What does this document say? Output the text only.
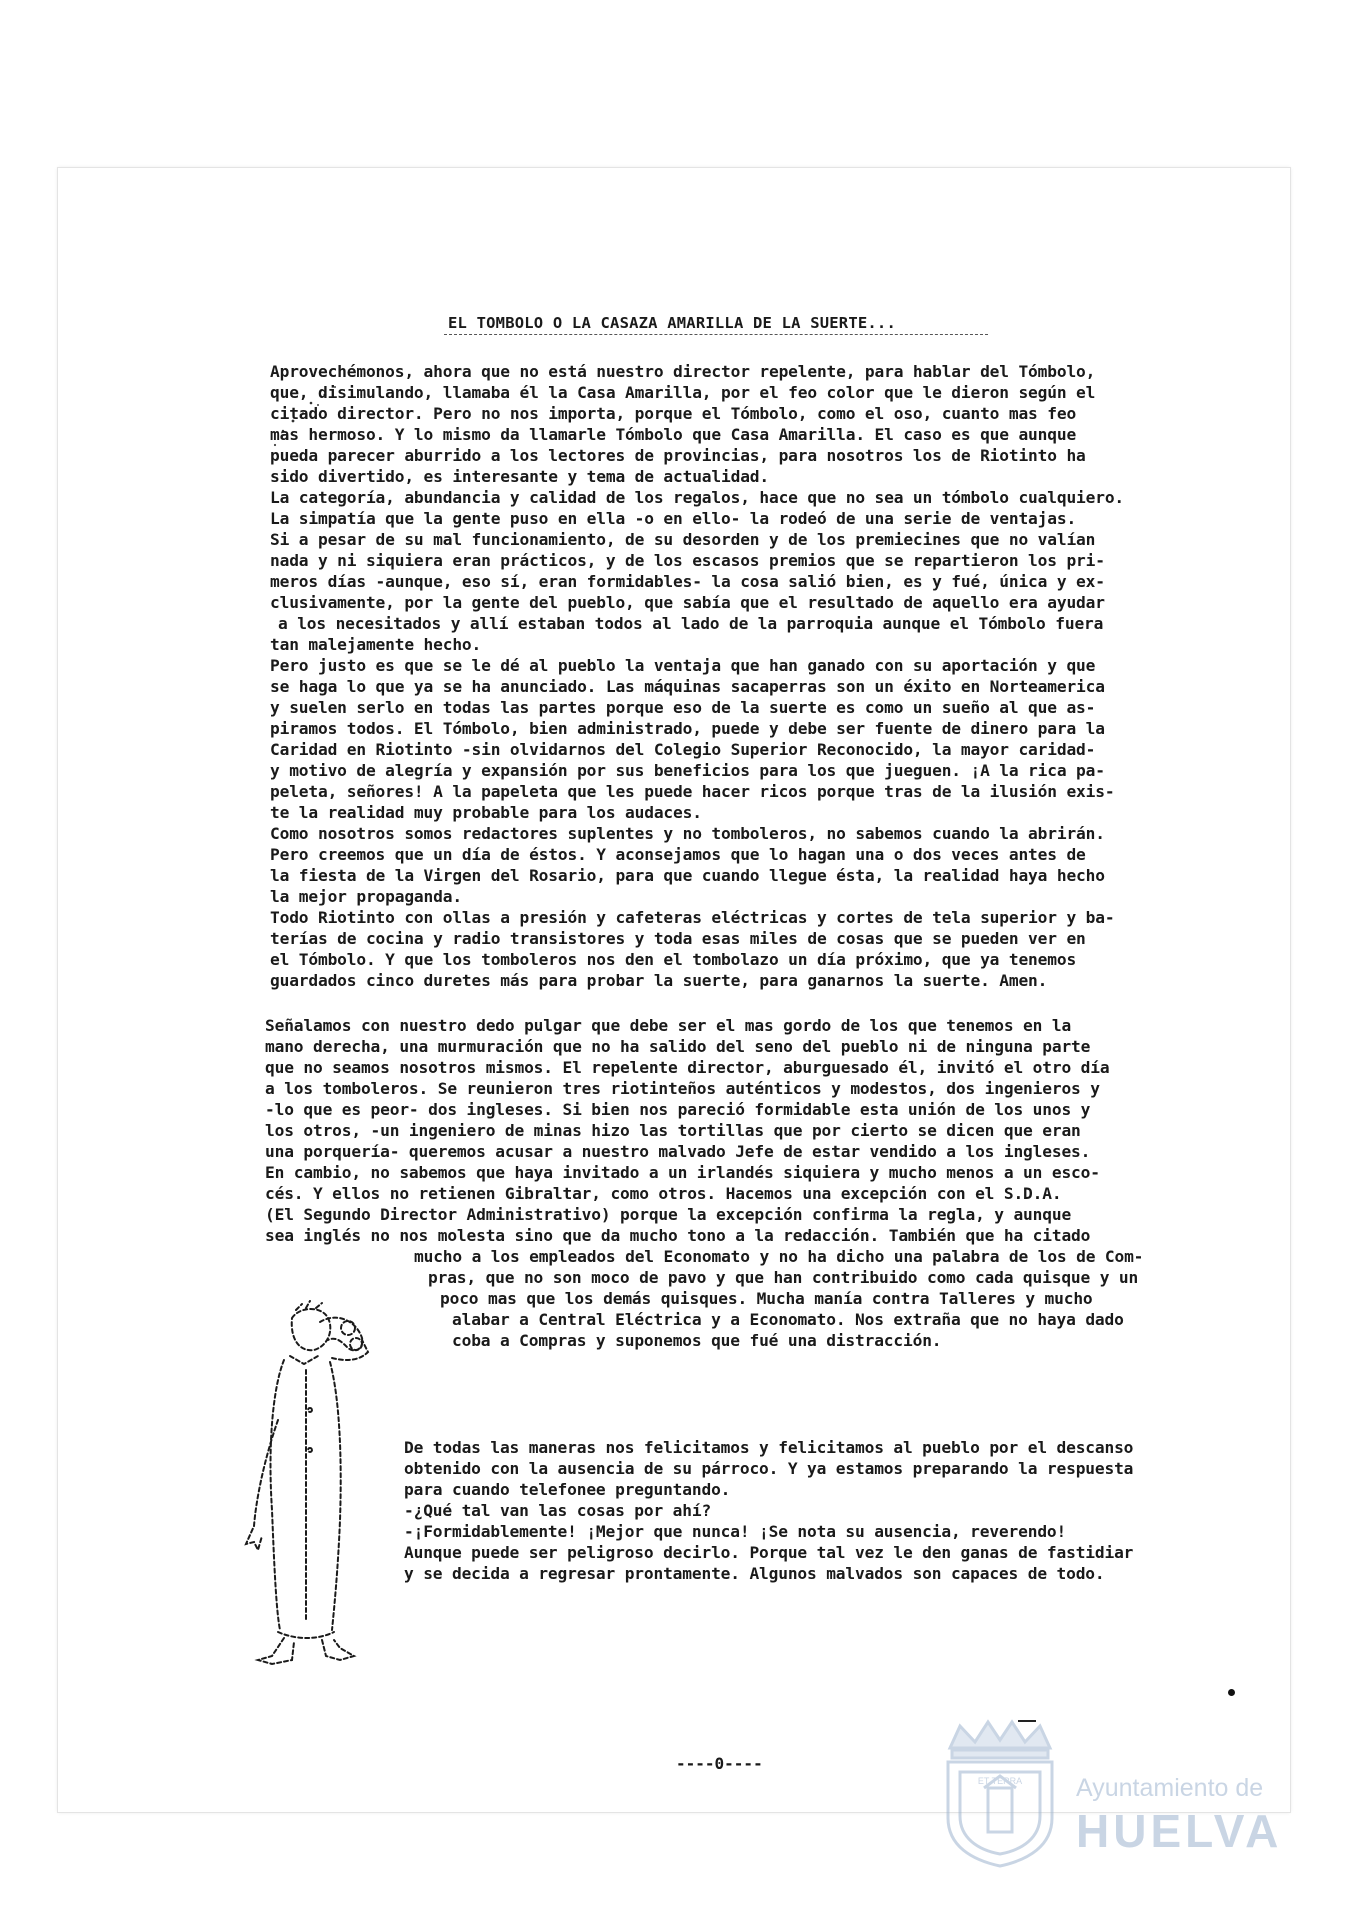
EL TOMBOLO O LA CASAZA AMARILLA DE LA SUERTE...
Aprovechémonos, ahora que no está nuestro director repelente, para hablar del Tómbolo,
que, disimulando, llamaba él la Casa Amarilla, por el feo color que le dieron según el
citado director. Pero no nos importa, porque el Tómbolo, como el oso, cuanto mas feo
mas hermoso. Y lo mismo da llamarle Tómbolo que Casa Amarilla. El caso es que aunque
pueda parecer aburrido a los lectores de provincias, para nosotros los de Riotinto ha
sido divertido, es interesante y tema de actualidad.
La categoría, abundancia y calidad de los regalos, hace que no sea un tómbolo cualquiero.
La simpatía que la gente puso en ella -o en ello- la rodeó de una serie de ventajas.
Si a pesar de su mal funcionamiento, de su desorden y de los premiecines que no valían
nada y ni siquiera eran prácticos, y de los escasos premios que se repartieron los pri-
meros días -aunque, eso sí, eran formidables- la cosa salió bien, es y fué, única y ex-
clusivamente, por la gente del pueblo, que sabía que el resultado de aquello era ayudar
a los necesitados y allí estaban todos al lado de la parroquia aunque el Tómbolo fuera
tan malejamente hecho.
Pero justo es que se le dé al pueblo la ventaja que han ganado con su aportación y que
se haga lo que ya se ha anunciado. Las máquinas sacaperras son un éxito en Norteamerica
y suelen serlo en todas las partes porque eso de la suerte es como un sueño al que as-
piramos todos. El Tómbolo, bien administrado, puede y debe ser fuente de dinero para la
Caridad en Riotinto -sin olvidarnos del Colegio Superior Reconocido, la mayor caridad-
y motivo de alegría y expansión por sus beneficios para los que jueguen. ¡A la rica pa-
peleta, señores! A la papeleta que les puede hacer ricos porque tras de la ilusión exis-
te la realidad muy probable para los audaces.
Como nosotros somos redactores suplentes y no tomboleros, no sabemos cuando la abrirán.
Pero creemos que un día de éstos. Y aconsejamos que lo hagan una o dos veces antes de
la fiesta de la Virgen del Rosario, para que cuando llegue ésta, la realidad haya hecho
la mejor propaganda.
Todo Riotinto con ollas a presión y cafeteras eléctricas y cortes de tela superior y ba-
terías de cocina y radio transistores y toda esas miles de cosas que se pueden ver en
el Tómbolo. Y que los tomboleros nos den el tombolazo un día próximo, que ya tenemos
guardados cinco duretes más para probar la suerte, para ganarnos la suerte. Amen.
Señalamos con nuestro dedo pulgar que debe ser el mas gordo de los que tenemos en la
mano derecha, una murmuración que no ha salido del seno del pueblo ni de ninguna parte
que no seamos nosotros mismos. El repelente director, aburguesado él, invitó el otro día
a los tomboleros. Se reunieron tres riotinteños auténticos y modestos, dos ingenieros y
-lo que es peor- dos ingleses. Si bien nos pareció formidable esta unión de los unos y
los otros, -un ingeniero de minas hizo las tortillas que por cierto se dicen que eran
una porquería- queremos acusar a nuestro malvado Jefe de estar vendido a los ingleses.
En cambio, no sabemos que haya invitado a un irlandés siquiera y mucho menos a un esco-
cés. Y ellos no retienen Gibraltar, como otros. Hacemos una excepción con el S.D.A.
(El Segundo Director Administrativo) porque la excepción confirma la regla, y aunque
sea inglés no nos molesta sino que da mucho tono a la redacción. También que ha citado
mucho a los empleados del Economato y no ha dicho una palabra de los de Com-
pras, que no son moco de pavo y que han contribuido como cada quisque y un
poco mas que los demás quisques. Mucha manía contra Talleres y mucho
alabar a Central Eléctrica y a Economato. Nos extraña que no haya dado
coba a Compras y suponemos que fué una distracción.
De todas las maneras nos felicitamos y felicitamos al pueblo por el descanso
obtenido con la ausencia de su párroco. Y ya estamos preparando la respuesta
para cuando telefonee preguntando.
-¿Qué tal van las cosas por ahí?
-¡Formidablemente! ¡Mejor que nunca! ¡Se nota su ausencia, reverendo!
Aunque puede ser peligroso decirlo. Porque tal vez le den ganas de fastidiar
y se decida a regresar prontamente. Algunos malvados son capaces de todo.
----0----
ET TERRA Ayuntamiento de
HUELVA
